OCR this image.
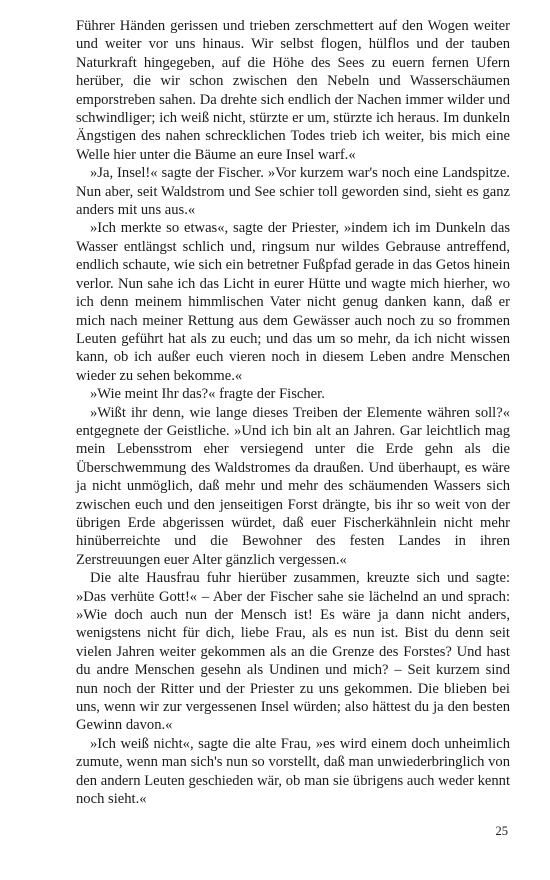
Führer Händen gerissen und trieben zerschmettert auf den Wogen weiter und weiter vor uns hinaus. Wir selbst flogen, hülflos und der tauben Naturkraft hingegeben, auf die Höhe des Sees zu euern fernen Ufern herüber, die wir schon zwischen den Nebeln und Wasserschäumen emporstreben sahen. Da drehte sich endlich der Nachen immer wilder und schwindliger; ich weiß nicht, stürzte er um, stürzte ich heraus. Im dunkeln Ängstigen des nahen schrecklichen Todes trieb ich weiter, bis mich eine Welle hier unter die Bäume an eure Insel warf.«

»Ja, Insel!« sagte der Fischer. »Vor kurzem war's noch eine Landspitze. Nun aber, seit Waldstrom und See schier toll geworden sind, sieht es ganz anders mit uns aus.«

»Ich merkte so etwas«, sagte der Priester, »indem ich im Dunkeln das Wasser entlängst schlich und, ringsum nur wildes Gebrause antreffend, endlich schaute, wie sich ein betretner Fußpfad gerade in das Getos hinein verlor. Nun sahe ich das Licht in eurer Hütte und wagte mich hierher, wo ich denn meinem himmlischen Vater nicht genug danken kann, daß er mich nach meiner Rettung aus dem Gewässer auch noch zu so frommen Leuten geführt hat als zu euch; und das um so mehr, da ich nicht wissen kann, ob ich außer euch vieren noch in diesem Leben andre Menschen wieder zu sehen bekomme.«

»Wie meint Ihr das?« fragte der Fischer.

»Wißt ihr denn, wie lange dieses Treiben der Elemente währen soll?« entgegnete der Geistliche. »Und ich bin alt an Jahren. Gar leichtlich mag mein Lebensstrom eher versiegend unter die Erde gehn als die Überschwemmung des Waldstromes da draußen. Und überhaupt, es wäre ja nicht unmöglich, daß mehr und mehr des schäumenden Wassers sich zwischen euch und den jenseitigen Forst drängte, bis ihr so weit von der übrigen Erde abgerissen würdet, daß euer Fischerkähnlein nicht mehr hinüberreichte und die Bewohner des festen Landes in ihren Zerstreuungen euer Alter gänzlich vergessen.«

Die alte Hausfrau fuhr hierüber zusammen, kreuzte sich und sagte: »Das verhüte Gott!« – Aber der Fischer sahe sie lächelnd an und sprach: »Wie doch auch nun der Mensch ist! Es wäre ja dann nicht anders, wenigstens nicht für dich, liebe Frau, als es nun ist. Bist du denn seit vielen Jahren weiter gekommen als an die Grenze des Forstes? Und hast du andre Menschen gesehn als Undinen und mich? – Seit kurzem sind nun noch der Ritter und der Priester zu uns gekommen. Die blieben bei uns, wenn wir zur vergessenen Insel würden; also hättest du ja den besten Gewinn davon.«

»Ich weiß nicht«, sagte die alte Frau, »es wird einem doch unheimlich zumute, wenn man sich's nun so vorstellt, daß man unwiederbringlich von den andern Leuten geschieden wär, ob man sie übrigens auch weder kennt noch sieht.«

25
